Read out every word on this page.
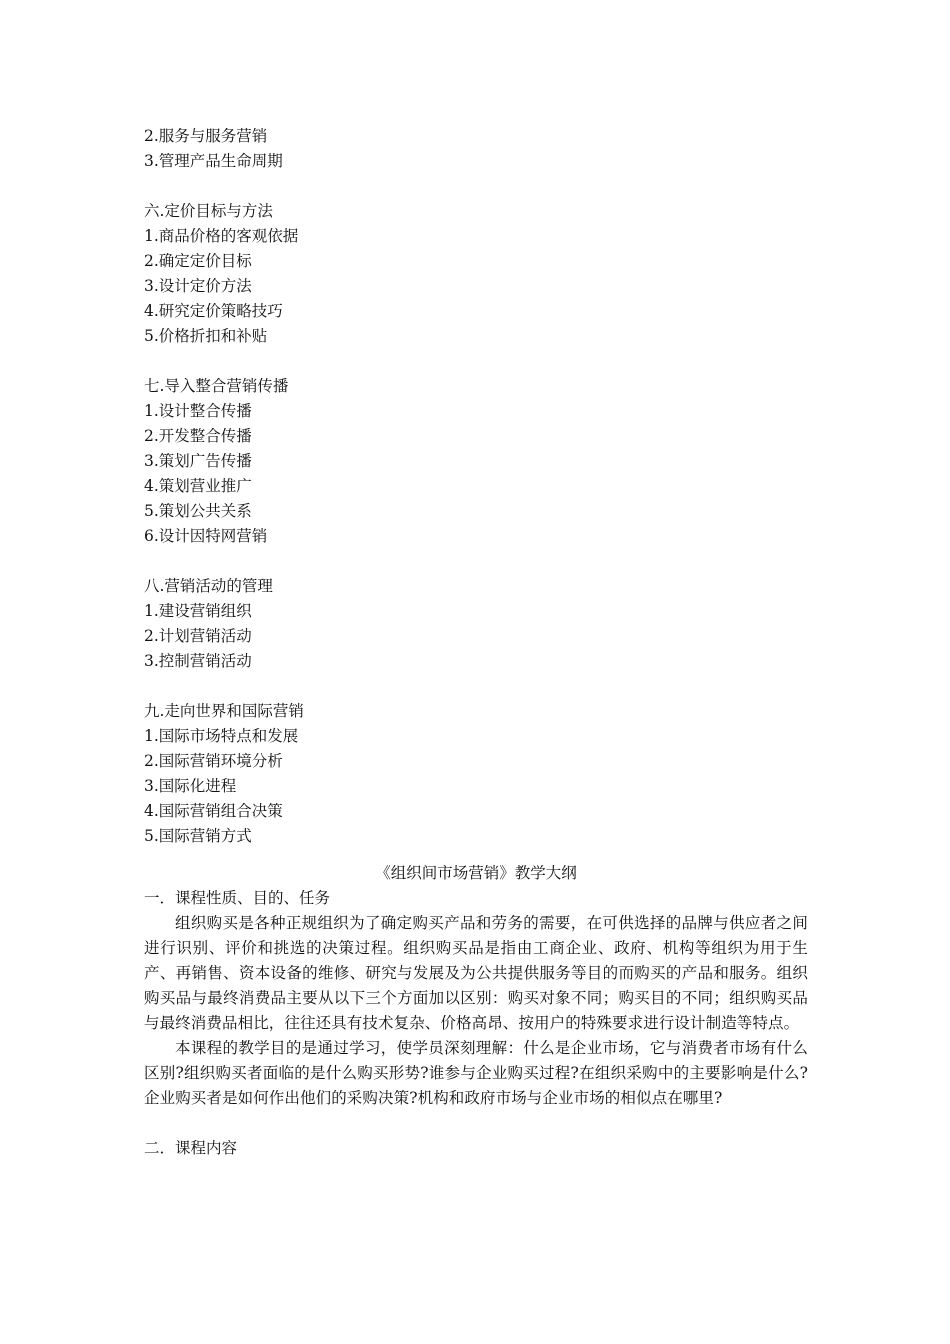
2.服务与服务营销
3.管理产品生命周期
六.定价目标与方法
1.商品价格的客观依据
2.确定定价目标
3.设计定价方法
4.研究定价策略技巧
5.价格折扣和补贴
七.导入整合营销传播
1.设计整合传播
2.开发整合传播
3.策划广告传播
4.策划营业推广
5.策划公共关系
6.设计因特网营销
八.营销活动的管理
1.建设营销组织
2.计划营销活动
3.控制营销活动
九.走向世界和国际营销
1.国际市场特点和发展
2.国际营销环境分析
3.国际化进程
4.国际营销组合决策
5.国际营销方式
《组织间市场营销》教学大纲
一．课程性质、目的、任务
组织购买是各种正规组织为了确定购买产品和劳务的需要，在可供选择的品牌与供应者之间进行识别、评价和挑选的决策过程。组织购买品是指由工商企业、政府、机构等组织为用于生产、再销售、资本设备的维修、研究与发展及为公共提供服务等目的而购买的产品和服务。组织购买品与最终消费品主要从以下三个方面加以区别：购买对象不同；购买目的不同；组织购买品与最终消费品相比，往往还具有技术复杂、价格高昂、按用户的特殊要求进行设计制造等特点。
本课程的教学目的是通过学习，使学员深刻理解：什么是企业市场，它与消费者市场有什么区别?组织购买者面临的是什么购买形势?谁参与企业购买过程?在组织采购中的主要影响是什么?企业购买者是如何作出他们的采购决策?机构和政府市场与企业市场的相似点在哪里?
二．课程内容
